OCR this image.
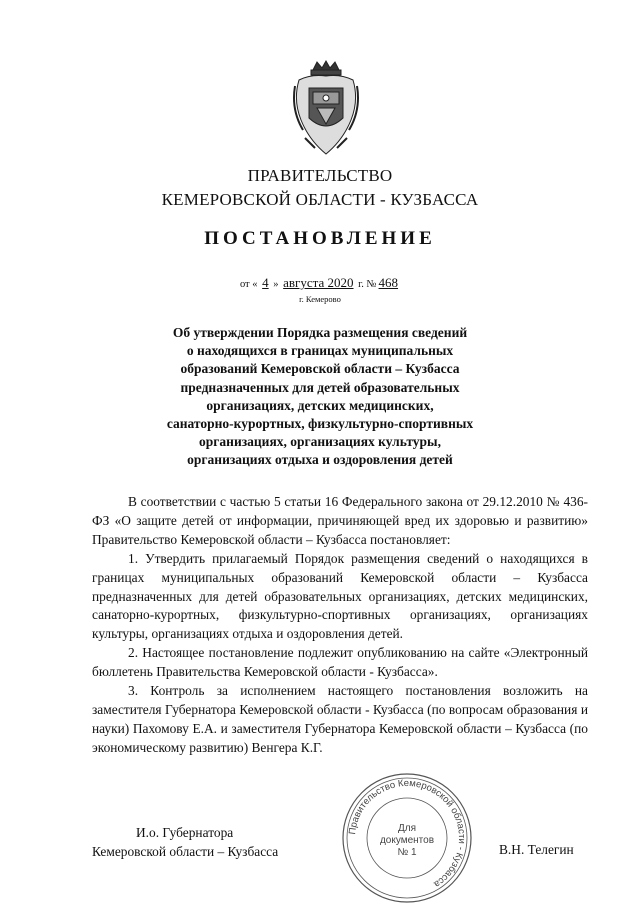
ПРАВИТЕЛЬСТВО
КЕМЕРОВСКОЙ ОБЛАСТИ - КУЗБАССА
ПОСТАНОВЛЕНИЕ
от « 4 » августа 2020 г. № 468
г. Кемерово
Об утверждении Порядка размещения сведений
о находящихся в границах муниципальных
образований Кемеровской области – Кузбасса
предназначенных для детей образовательных
организациях, детских медицинских,
санаторно-курортных, физкультурно-спортивных
организациях, организациях культуры,
организациях отдыха и оздоровления детей

В соответствии с частью 5 статьи 16 Федерального закона от 29.12.2010 № 436-ФЗ «О защите детей от информации, причиняющей вред их здоровью и развитию» Правительство Кемеровской области – Кузбасса постановляет:

1. Утвердить прилагаемый Порядок размещения сведений о находящихся в границах муниципальных образований Кемеровской области – Кузбасса предназначенных для детей образовательных организациях, детских медицинских, санаторно-курортных, физкультурно-спортивных организациях, организациях культуры, организациях отдыха и оздоровления детей.

2. Настоящее постановление подлежит опубликованию на сайте «Электронный бюллетень Правительства Кемеровской области - Кузбасса».

3. Контроль за исполнением настоящего постановления возложить на заместителя Губернатора Кемеровской области - Кузбасса (по вопросам образования и науки) Пахомову Е.А. и заместителя Губернатора Кемеровской области – Кузбасса (по экономическому развитию) Венгера К.Г.

И.о. Губернатора
Кемеровской области – Кузбасса	В.Н. Телегин
Правительство Кемеровской области - Кузбасса
Для
документов
№ 1
